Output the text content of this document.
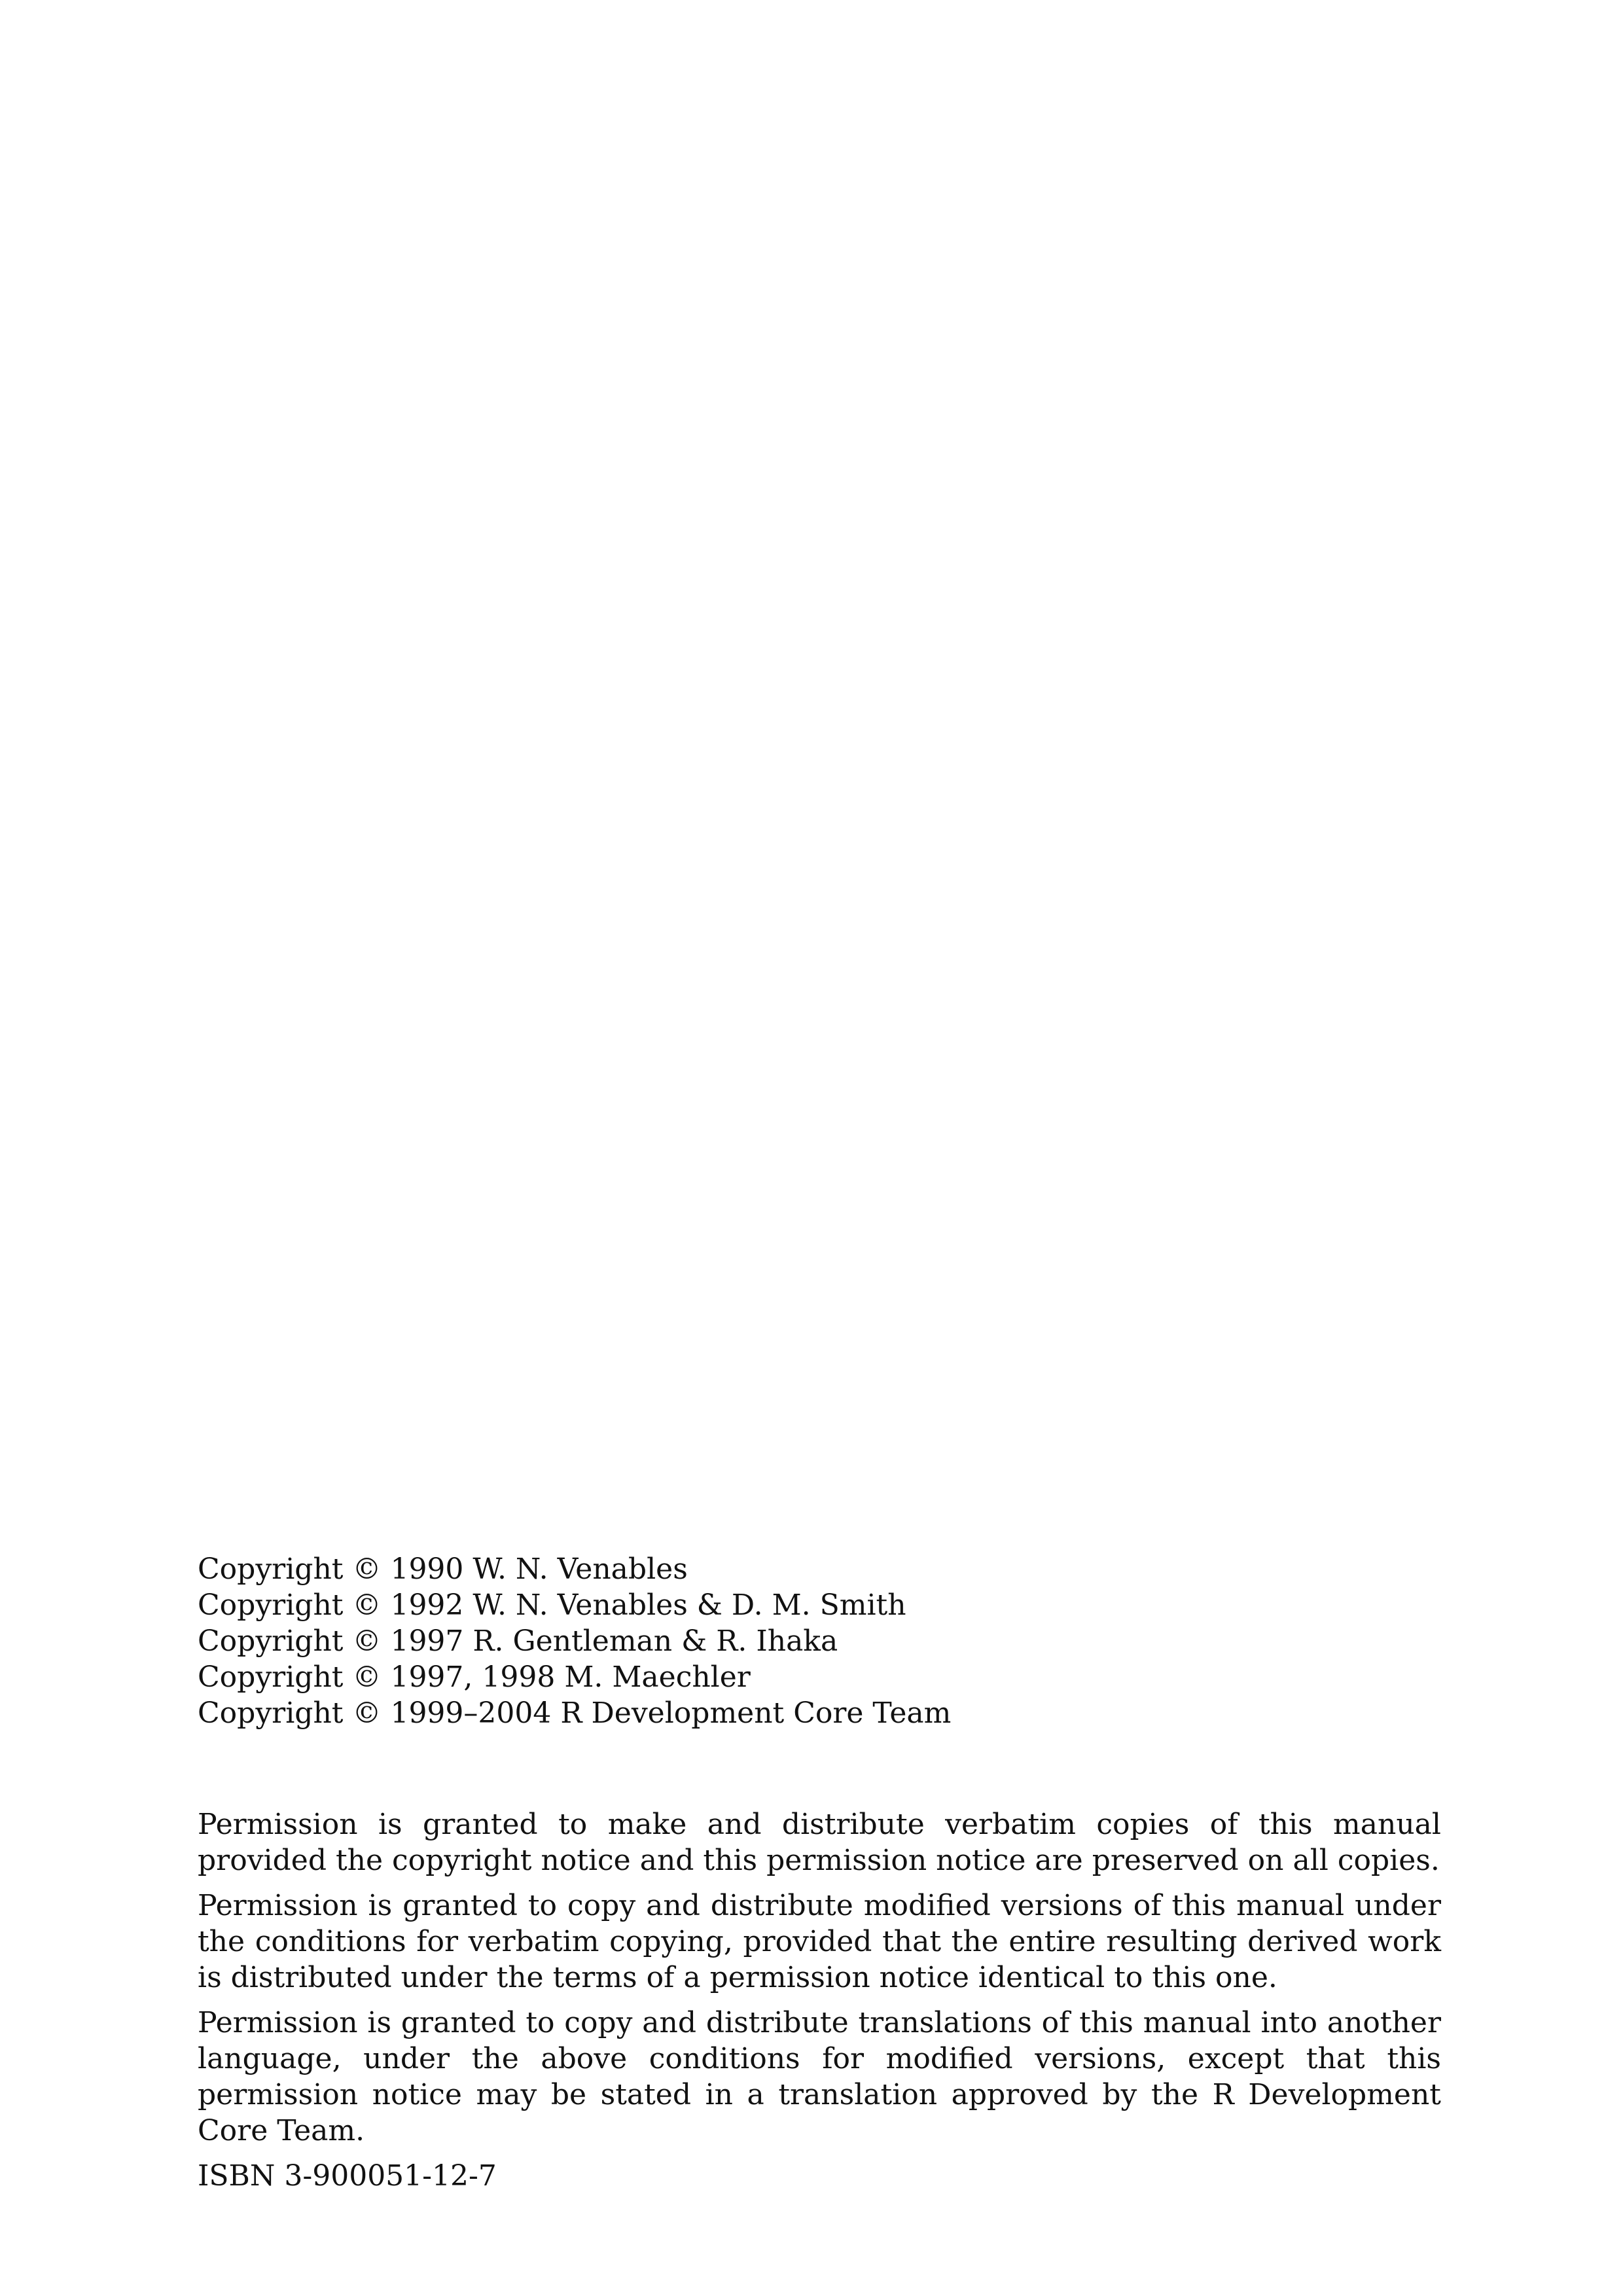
Copyright © 1990 W. N. Venables
Copyright © 1992 W. N. Venables & D. M. Smith
Copyright © 1997 R. Gentleman & R. Ihaka
Copyright © 1997, 1998 M. Maechler
Copyright © 1999–2004 R Development Core Team

Permission is granted to make and distribute verbatim copies of this manual provided the copyright notice and this permission notice are preserved on all copies.

Permission is granted to copy and distribute modified versions of this manual under the conditions for verbatim copying, provided that the entire resulting derived work is distributed under the terms of a permission notice identical to this one.

Permission is granted to copy and distribute translations of this manual into another language, under the above conditions for modified versions, except that this permission notice may be stated in a translation approved by the R Development Core Team.

ISBN 3-900051-12-7
